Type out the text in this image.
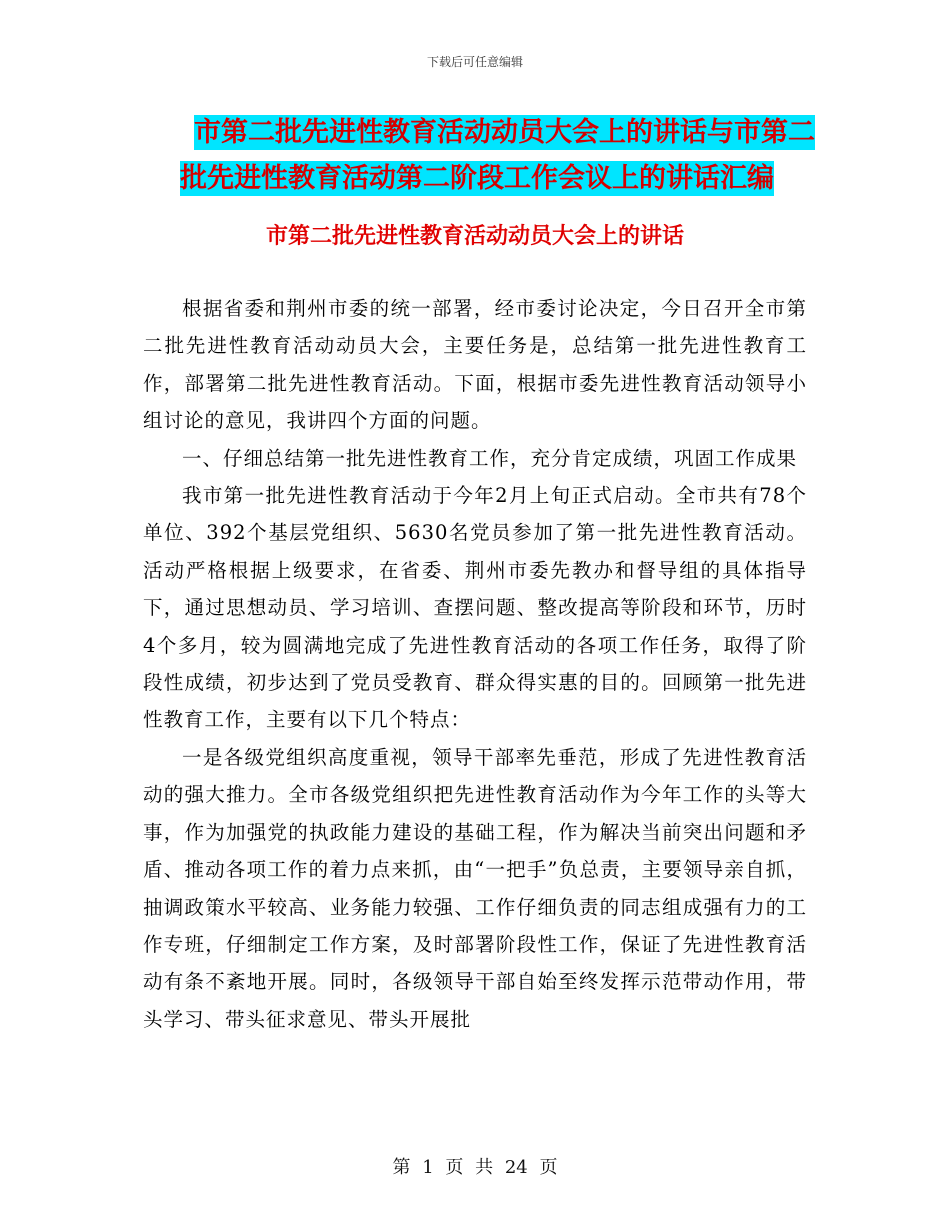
下载后可任意编辑
市第二批先进性教育活动动员大会上的讲话与市第二
批先进性教育活动第二阶段工作会议上的讲话汇编
市第二批先进性教育活动动员大会上的讲话

根据省委和荆州市委的统一部署，经市委讨论决定，今日召开全市第二批先进性教育活动动员大会，主要任务是，总结第一批先进性教育工作，部署第二批先进性教育活动。下面，根据市委先进性教育活动领导小组讨论的意见，我讲四个方面的问题。

一、仔细总结第一批先进性教育工作，充分肯定成绩，巩固工作成果

我市第一批先进性教育活动于今年2月上旬正式启动。全市共有78个单位、392个基层党组织、5630名党员参加了第一批先进性教育活动。活动严格根据上级要求，在省委、荆州市委先教办和督导组的具体指导下，通过思想动员、学习培训、查摆问题、整改提高等阶段和环节，历时4个多月，较为圆满地完成了先进性教育活动的各项工作任务，取得了阶段性成绩，初步达到了党员受教育、群众得实惠的目的。回顾第一批先进性教育工作，主要有以下几个特点：

一是各级党组织高度重视，领导干部率先垂范，形成了先进性教育活动的强大推力。全市各级党组织把先进性教育活动作为今年工作的头等大事，作为加强党的执政能力建设的基础工程，作为解决当前突出问题和矛盾、推动各项工作的着力点来抓，由“一把手”负总责，主要领导亲自抓，抽调政策水平较高、业务能力较强、工作仔细负责的同志组成强有力的工作专班，仔细制定工作方案，及时部署阶段性工作，保证了先进性教育活动有条不紊地开展。同时，各级领导干部自始至终发挥示范带动作用，带头学习、带头征求意见、带头开展批

第 1 页 共 24 页
